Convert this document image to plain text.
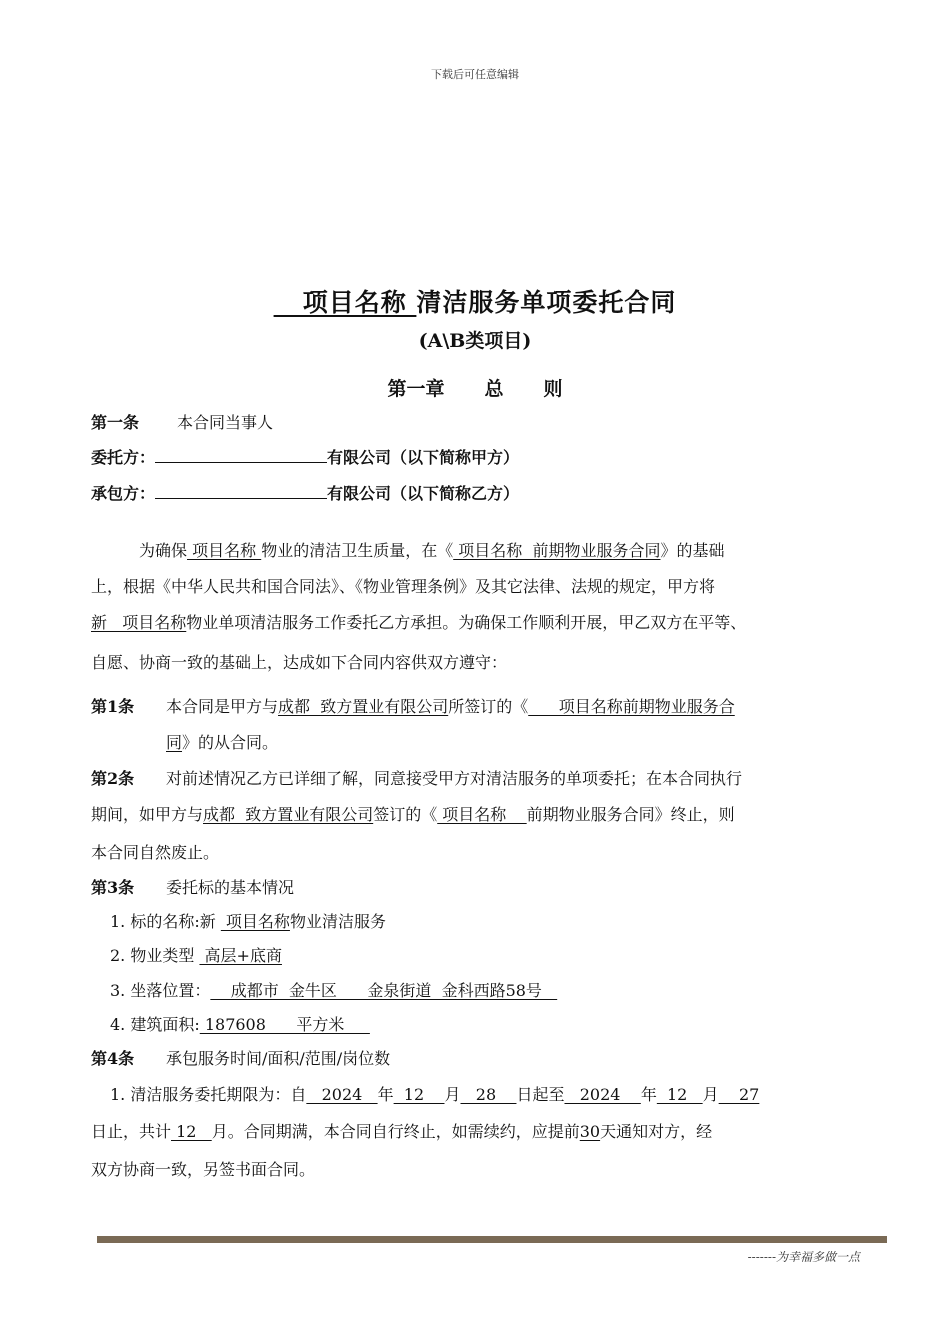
下载后可任意编辑
项目名称 清洁服务单项委托合同
(A\B类项目)
第一章 总 则
第一条 本合同当事人
委托方：	有限公司（以下简称甲方）
承包方：	有限公司（以下简称乙方）
为确保 项目名称 物业的清洁卫生质量，在《 项目名称  前期物业服务合同》的基础
上，根据《中华人民共和国合同法》、《物业管理条例》及其它法律、法规的规定，甲方将
新   项目名称物业单项清洁服务工作委托乙方承担。为确保工作顺利开展，甲乙双方在平等、
自愿、协商一致的基础上，达成如下合同内容供双方遵守：
第1条 本合同是甲方与成都  致方置业有限公司所签订的《      项目名称前期物业服务合
同》的从合同。
第2条 对前述情况乙方已详细了解，同意接受甲方对清洁服务的单项委托；在本合同执行
期间，如甲方与成都  致方置业有限公司签订的《 项目名称    前期物业服务合同》终止，则
本合同自然废止。
第3条 委托标的基本情况
1. 标的名称:新  项目名称物业清洁服务
2. 物业类型  高层+底商
3. 坐落位置：    成都市  金牛区      金泉街道  金科西路58号
4. 建筑面积: 187608      平方米
第4条 承包服务时间/面积/范围/岗位数
1. 清洁服务委托期限为：自   2024   年  12    月   28    日起至   2024    年  12   月    27
日止，共计 12   月。合同期满，本合同自行终止，如需续约，应提前30天通知对方，经
双方协商一致，另签书面合同。
-------为幸福多做一点
